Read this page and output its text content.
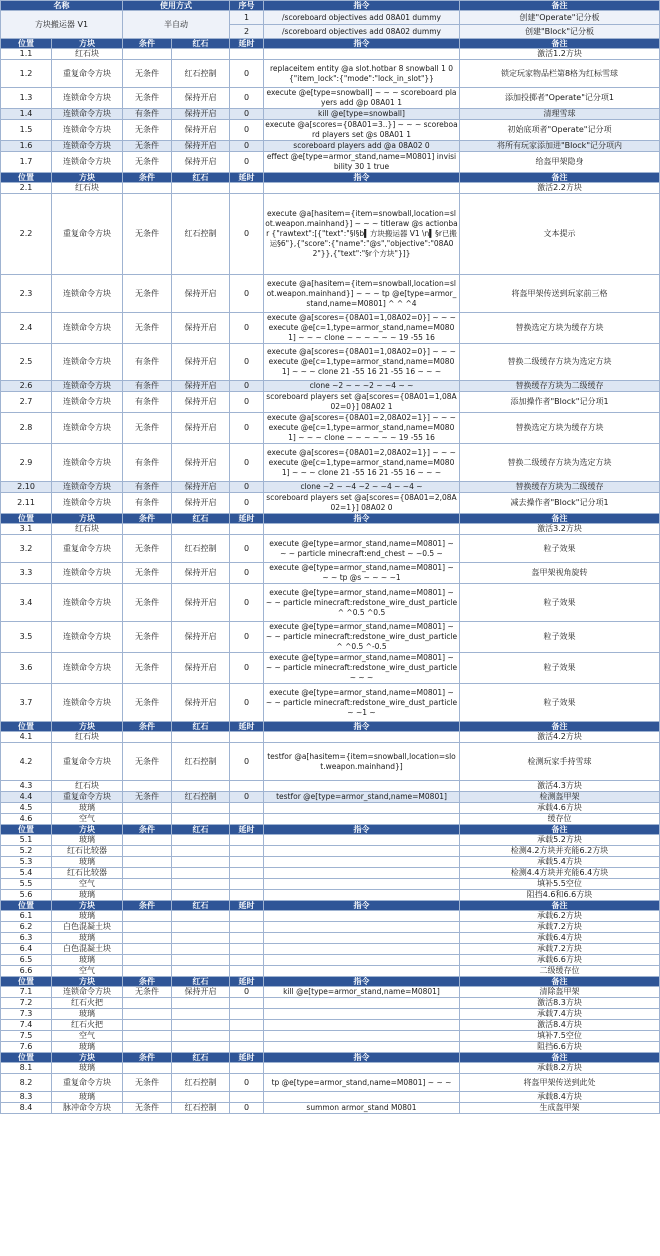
名称		使用方式		序号	指令	备注
方块搬运器 V1		半自动		1	/scoreboard objectives add 08A01 dummy	创建"Operate"记分板
				2	/scoreboard objectives add 08A02 dummy	创建"Block"记分板
位置	方块	条件	红石	延时	指令	备注
1.1	红石块					激活1.2方块
1.2	重复命令方块	无条件	红石控制	0	replaceitem entity @a slot.hotbar 8 snowball 1 0 {"item_lock":{"mode":"lock_in_slot"}}	锁定玩家物品栏第8格为红标雪球
1.3	连锁命令方块	无条件	保持开启	0	execute @e[type=snowball] ~ ~ ~ scoreboard players add @p 08A01 1	添加投掷者"Operate"记分项1
1.4	连锁命令方块	有条件	保持开启	0	kill @e[type=snowball]	清理雪球
1.5	连锁命令方块	无条件	保持开启	0	execute @a[scores={08A01=3..}] ~ ~ ~ scoreboard players set @s 08A01 1	初始底项者"Operate"记分项
1.6	连锁命令方块	无条件	保持开启	0	scoreboard players add @a 08A02 0	将所有玩家添加进"Block"记分项内
1.7	连锁命令方块	无条件	保持开启	0	effect @e[type=armor_stand,name=M0801] invisibility 30 1 true	给盔甲架隐身
位置	方块	条件	红石	延时	指令	备注
2.1	红石块					激活2.2方块
2.2	重复命令方块	无条件	红石控制	0	execute @a[hasitem={item=snowball,location=slot.weapon.mainhand}] ~ ~ ~ titleraw @s actionbar {"rawtext":[{"text":"§l§b▍方块搬运器 V1 \n▍§r已搬运§6"},{"score":{"name":"@s","objective":"08A02"}},{"text":"§r个方块"}]}	文本提示
2.3	连锁命令方块	无条件	保持开启	0	execute @a[hasitem={item=snowball,location=slot.weapon.mainhand}] ~ ~ ~ tp @e[type=armor_stand,name=M0801] ^ ^ ^4	将盔甲架传送到玩家前三格
2.4	连锁命令方块	无条件	保持开启	0	execute @a[scores={08A01=1,08A02=0}] ~ ~ ~ execute @e[c=1,type=armor_stand,name=M0801] ~ ~ ~ clone ~ ~ ~ ~ ~ ~ 19 -55 16	替换选定方块为缓存方块
2.5	连锁命令方块	有条件	保持开启	0	execute @a[scores={08A01=1,08A02=0}] ~ ~ ~ execute @e[c=1,type=armor_stand,name=M0801] ~ ~ ~ clone 21 -55 16 21 -55 16 ~ ~ ~	替换二级缓存方块为选定方块
2.6	连锁命令方块	有条件	保持开启	0	clone ~2 ~ ~ ~2 ~ ~4 ~ ~	替换缓存方块为二级缓存
2.7	连锁命令方块	有条件	保持开启	0	scoreboard players set @a[scores={08A01=1,08A02=0}] 08A02 1	添加操作者"Block"记分项1
2.8	连锁命令方块	无条件	保持开启	0	execute @a[scores={08A01=2,08A02=1}] ~ ~ ~ execute @e[c=1,type=armor_stand,name=M0801] ~ ~ ~ clone ~ ~ ~ ~ ~ ~ 19 -55 16	替换选定方块为缓存方块
2.9	连锁命令方块	有条件	保持开启	0	execute @a[scores={08A01=2,08A02=1}] ~ ~ ~ execute @e[c=1,type=armor_stand,name=M0801] ~ ~ ~ clone 21 -55 16 21 -55 16 ~ ~ ~	替换二级缓存方块为选定方块
2.10	连锁命令方块	有条件	保持开启	0	clone ~2 ~ ~4 ~2 ~ ~4 ~ ~4 ~	替换缓存方块为二级缓存
2.11	连锁命令方块	有条件	保持开启	0	scoreboard players set @a[scores={08A01=2,08A02=1}] 08A02 0	减去操作者"Block"记分项1
位置	方块	条件	红石	延时	指令	备注
3.1	红石块					激活3.2方块
3.2	重复命令方块	无条件	红石控制	0	execute @e[type=armor_stand,name=M0801] ~ ~ ~ particle minecraft:end_chest ~ ~0.5 ~	粒子效果
3.3	连锁命令方块	无条件	保持开启	0	execute @e[type=armor_stand,name=M0801] ~ ~ ~ tp @s ~ ~ ~ ~1	盔甲架视角旋转
3.4	连锁命令方块	无条件	保持开启	0	execute @e[type=armor_stand,name=M0801] ~ ~ ~ particle minecraft:redstone_wire_dust_particle ^ ^0.5 ^0.5	粒子效果
3.5	连锁命令方块	无条件	保持开启	0	execute @e[type=armor_stand,name=M0801] ~ ~ ~ particle minecraft:redstone_wire_dust_particle ^ ^0.5 ^-0.5	粒子效果
3.6	连锁命令方块	无条件	保持开启	0	execute @e[type=armor_stand,name=M0801] ~ ~ ~ particle minecraft:redstone_wire_dust_particle ~ ~ ~	粒子效果
3.7	连锁命令方块	无条件	保持开启	0	execute @e[type=armor_stand,name=M0801] ~ ~ ~ particle minecraft:redstone_wire_dust_particle ~ ~1 ~	粒子效果
位置	方块	条件	红石	延时	指令	备注
4.1	红石块					激活4.2方块
4.2	重复命令方块	无条件	红石控制	0	testfor @a[hasitem={item=snowball,location=slot.weapon.mainhand}]	检测玩家手持雪球
4.3	红石块					激活4.3方块
4.4	重复命令方块	无条件	红石控制	0	testfor @e[type=armor_stand,name=M0801]	检测盔甲架
4.5	玻璃					承载4.6方块
4.6	空气					缓存位
位置	方块	条件	红石	延时	指令	备注
5.1	玻璃					承载5.2方块
5.2	红石比较器					检测4.2方块并充能6.2方块
5.3	玻璃					承载5.4方块
5.4	红石比较器					检测4.4方块并充能6.4方块
5.5	空气					填补5.5空位
5.6	玻璃					阻挡4.6和6.6方块
位置	方块	条件	红石	延时	指令	备注
6.1	玻璃					承载6.2方块
6.2	白色混凝土块					承载7.2方块
6.3	玻璃					承载6.4方块
6.4	白色混凝土块					承载7.2方块
6.5	玻璃					承载6.6方块
6.6	空气					二级缓存位
位置	方块	条件	红石	延时	指令	备注
7.1	连锁命令方块	无条件	保持开启	0	kill @e[type=armor_stand,name=M0801]	清除盔甲架
7.2	红石火把					激活8.3方块
7.3	玻璃					承载7.4方块
7.4	红石火把					激活8.4方块
7.5	空气					填补7.5空位
7.6	玻璃					阻挡6.6方块
位置	方块	条件	红石	延时	指令	备注
8.1	玻璃					承载8.2方块
8.2	重复命令方块	无条件	红石控制	0	tp @e[type=armor_stand,name=M0801] ~ ~ ~	将盔甲架传送到此处
8.3	玻璃					承载8.4方块
8.4	脉冲命令方块	无条件	红石控制	0	summon armor_stand M0801	生成盔甲架
